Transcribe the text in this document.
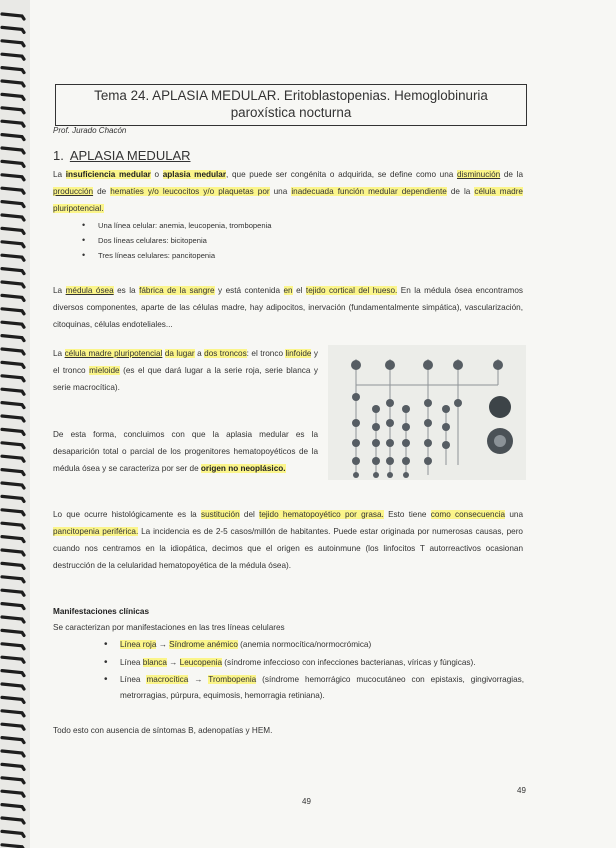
Tema 24. APLASIA MEDULAR. Eritoblastopenias. Hemoglobinuria
paroxística nocturna
Prof. Jurado Chacón
1. APLASIA MEDULAR
La insuficiencia medular o aplasia medular, que puede ser congénita o adquirida, se define como una disminución de la producción de hematíes y/o leucocitos y/o plaquetas por una inadecuada función medular dependiente de la célula madre pluripotencial.
• Una línea celular: anemia, leucopenia, trombopenia
• Dos líneas celulares: bicitopenia
• Tres líneas celulares: pancitopenia
La médula ósea es la fábrica de la sangre y está contenida en el tejido cortical del hueso. En la médula ósea encontramos diversos componentes, aparte de las células madre, hay adipocitos, inervación (fundamentalmente simpática), vascularización, citoquinas, células endoteliales...
La célula madre pluripotencial da lugar a dos troncos: el tronco linfoide y el tronco mieloide (es el que dará lugar a la serie roja, serie blanca y serie macrocítica).
De esta forma, concluimos con que la aplasia medular es la desaparición total o parcial de los progenitores hematopoyéticos de la médula ósea y se caracteriza por ser de origen no neoplásico.
Lo que ocurre histológicamente es la sustitución del tejido hematopoyético por grasa. Esto tiene como consecuencia una pancitopenia periférica. La incidencia es de 2-5 casos/millón de habitantes. Puede estar originada por numerosas causas, pero cuando nos centramos en la idiopática, decimos que el origen es autoinmune (los linfocitos T autorreactivos ocasionan destrucción de la celularidad hematopoyética de la médula ósea).
Manifestaciones clínicas
Se caracterizan por manifestaciones en las tres líneas celulares
• Línea roja → Síndrome anémico (anemia normocítica/normocrómica)
• Línea blanca → Leucopenia (síndrome infeccioso con infecciones bacterianas, víricas y fúngicas).
• Línea macrocítica → Trombopenia (síndrome hemorrágico mucocutáneo con epistaxis, gingivorragias, metrorragias, púrpura, equimosis, hemorragia retiniana).
Todo esto con ausencia de síntomas B, adenopatías y HEM.
49
49
